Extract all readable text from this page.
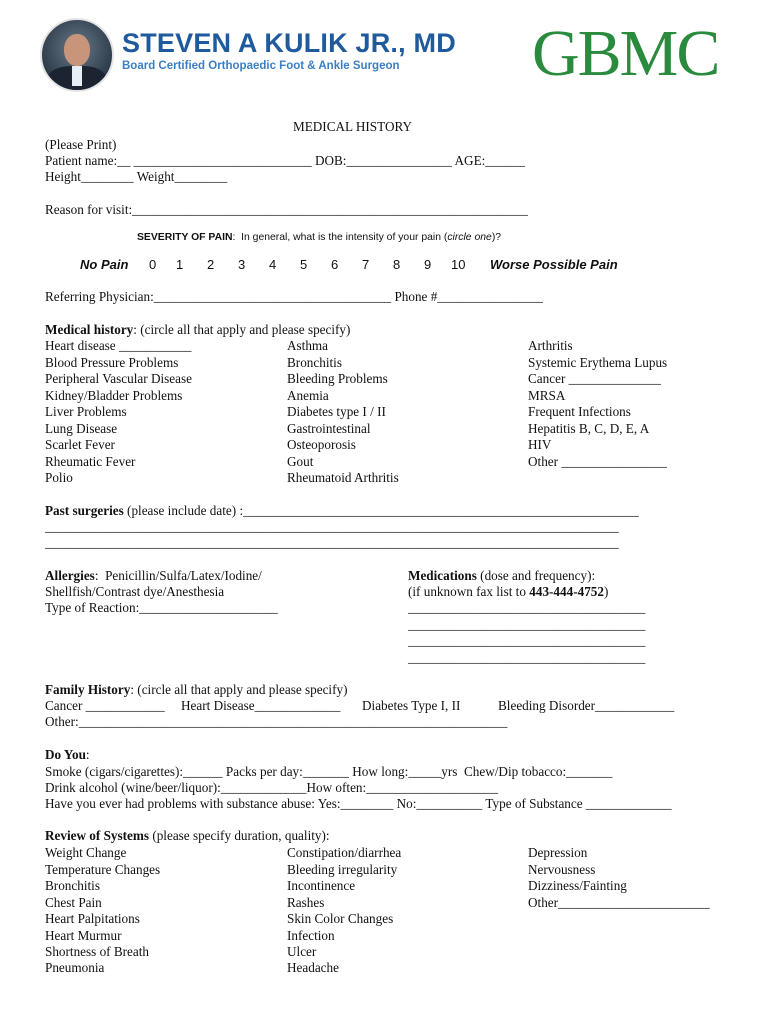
STEVEN A KULIK JR., MD
Board Certified Orthopaedic Foot & Ankle Surgeon GBMC
MEDICAL HISTORY
(Please Print)
Patient name:__ ___________________________ DOB:________________ AGE:______
Height________ Weight________
Reason for visit:____________________________________________________________
SEVERITY OF PAIN:  In general, what is the intensity of your pain (circle one)?
No Pain 0 1 2 3 4 5 6 7 8 9 10 Worse Possible Pain
Referring Physician:____________________________________ Phone #________________
Medical history: (circle all that apply and please specify)
Heart disease ___________
Blood Pressure Problems
Peripheral Vascular Disease
Kidney/Bladder Problems
Liver Problems
Lung Disease
Scarlet Fever
Rheumatic Fever
Polio
Asthma
Bronchitis
Bleeding Problems
Anemia
Diabetes type I / II
Gastrointestinal
Osteoporosis
Gout
Rheumatoid Arthritis
Arthritis
Systemic Erythema Lupus
Cancer ______________
MRSA
Frequent Infections
Hepatitis B, C, D, E, A
HIV
Other ________________
Past surgeries (please include date) :____________________________________________________________
_______________________________________________________________________________________
_______________________________________________________________________________________
Allergies:  Penicillin/Sulfa/Latex/Iodine/
Shellfish/Contrast dye/Anesthesia
Type of Reaction:_____________________
Medications (dose and frequency):
(if unknown fax list to 443-444-4752)
____________________________________
____________________________________
____________________________________
____________________________________
Family History: (circle all that apply and please specify)
Cancer ____________ Heart Disease_____________ Diabetes Type I, II	Bleeding Disorder____________
Other:_________________________________________________________________
Do You:
Smoke (cigars/cigarettes):______ Packs per day:_______ How long:_____yrs  Chew/Dip tobacco:_______
Drink alcohol (wine/beer/liquor):_____________How often:____________________
Have you ever had problems with substance abuse: Yes:________ No:__________ Type of Substance _____________
Review of Systems (please specify duration, quality):
Weight Change
Temperature Changes
Bronchitis
Chest Pain
Heart Palpitations
Heart Murmur
Shortness of Breath
Pneumonia
Constipation/diarrhea
Bleeding irregularity
Incontinence
Rashes
Skin Color Changes
Infection
Ulcer
Headache
Depression
Nervousness
Dizziness/Fainting
Other_______________________
